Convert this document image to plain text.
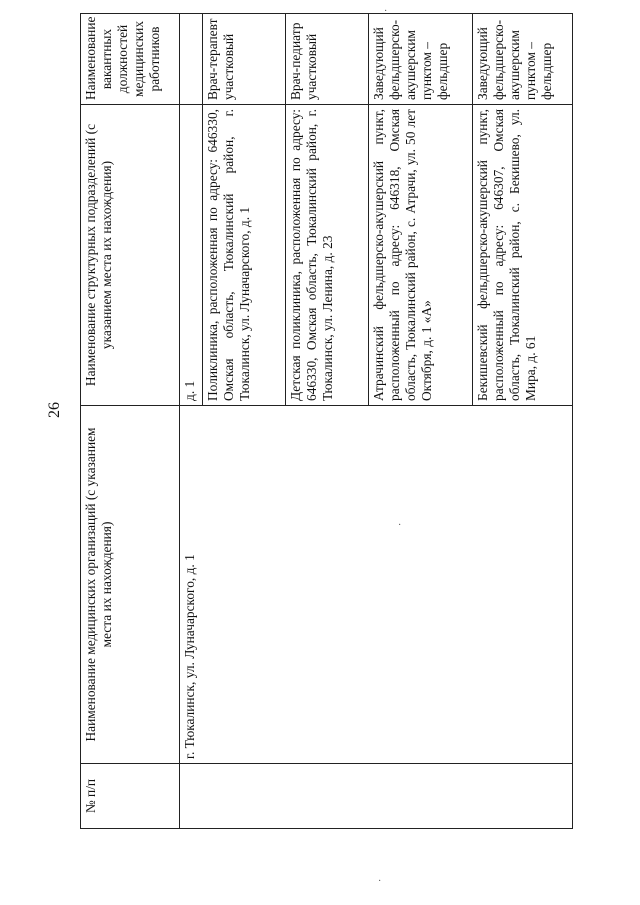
26
№ п/п	Наименование медицинских организаций (с указанием места их нахождения)	Наименование структурных подразделений (с указанием места их нахождения)	Наименование вакантных должностей медицинских работников
	г. Тюкалинск, ул. Луначарского, д. 1	д. 1	
		Поликлиника, расположенная по адресу: 646330, Омская область, Тюкалинский район, г. Тюкалинск, ул. Луначарского, д. 1	Врач-терапевт участковый
		Детская поликлиника, расположенная по адресу: 646330, Омская область, Тюкалинский район, г. Тюкалинск, ул. Ленина, д. 23	Врач-педиатр участковый
		Атрачинский фельдшерско-акушерский пункт, расположенный по адресу: 646318, Омская область, Тюкалинский район, с. Атрачи, ул. 50 лет Октября, д. 1 «А»	Заведующий фельдшерско-акушерским пунктом – фельдшер
		Бекишевский фельдшерско-акушерский пункт, расположенный по адресу: 646307, Омская область, Тюкалинский район, с. Бекишево, ул. Мира, д. 61	Заведующий фельдшерско-акушерским пунктом – фельдшер
·
·
·
